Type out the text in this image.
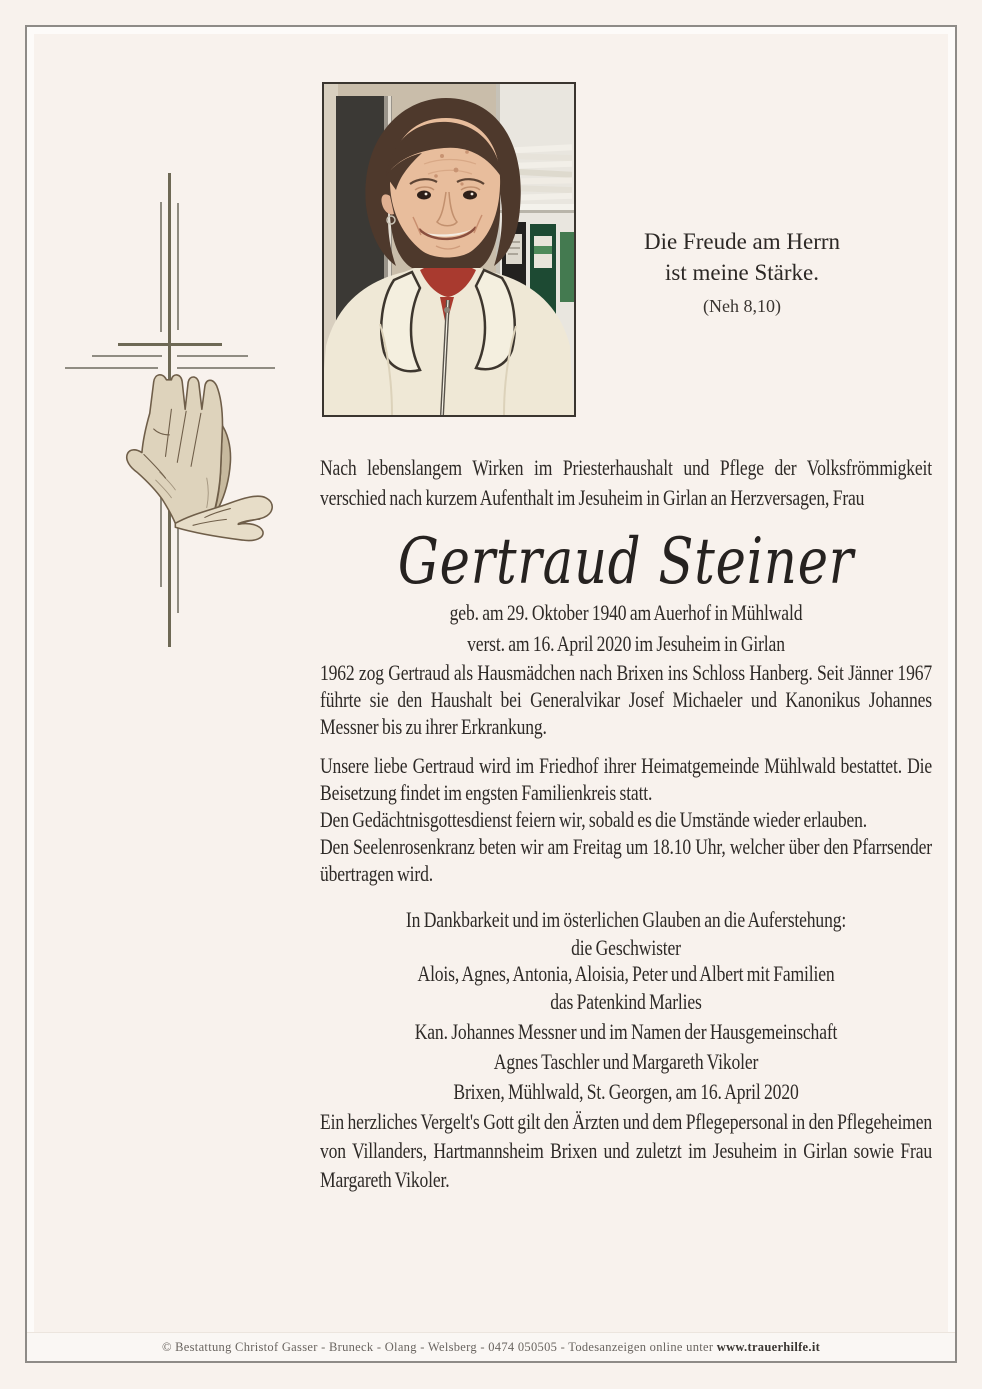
Die Freude am Herrn

ist meine Stärke.

(Neh 8,10)

Nach lebenslangem Wirken im Priesterhaushalt und Pflege der Volksfrömmigkeit verschied nach kurzem Aufenthalt im Jesuheim in Girlan an Herzversagen, Frau

Gertraud Steiner

geb. am 29. Oktober 1940 am Auerhof in Mühlwald

verst. am 16. April 2020 im Jesuheim in Girlan

1962 zog Gertraud als Hausmädchen nach Brixen ins Schloss Hanberg. Seit Jänner 1967 führte sie den Haushalt bei Generalvikar Josef Michaeler und Kanonikus Johannes Messner bis zu ihrer Erkrankung.

Unsere liebe Gertraud wird im Friedhof ihrer Heimatgemeinde Mühlwald bestattet. Die Beisetzung findet im engsten Familienkreis statt.

Den Gedächtnisgottesdienst feiern wir, sobald es die Umstände wieder erlauben.

Den Seelenrosenkranz beten wir am Freitag um 18.10 Uhr, welcher über den Pfarrsender übertragen wird.

In Dankbarkeit und im österlichen Glauben an die Auferstehung:

die Geschwister

Alois, Agnes, Antonia, Aloisia, Peter und Albert mit Familien

das Patenkind Marlies

Kan. Johannes Messner und im Namen der Hausgemeinschaft

Agnes Taschler und Margareth Vikoler

Brixen, Mühlwald, St. Georgen, am 16. April 2020

Ein herzliches Vergelt's Gott gilt den Ärzten und dem Pflegepersonal in den Pflegeheimen von Villanders, Hartmannsheim Brixen und zuletzt im Jesuheim in Girlan sowie Frau Margareth Vikoler.

© Bestattung Christof Gasser - Bruneck - Olang - Welsberg - 0474 050505 - Todesanzeigen online unter www.trauerhilfe.it
